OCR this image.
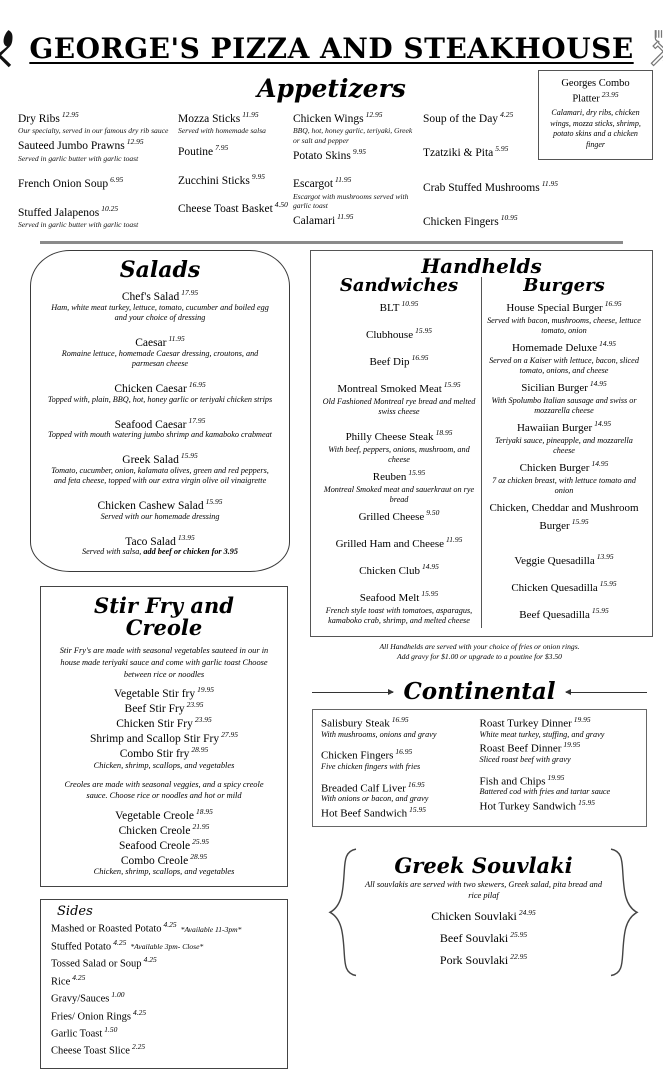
GEORGE'S PIZZA AND STEAKHOUSE
Appetizers	Georges Combo
Platter $^{23.95}$
Calamari, dry ribs, chicken wings, mozza sticks, shrimp, potato skins and a chicken finger
Dry Ribs $^{12.95}$
Our specialty, served in our famous dry rib sauce
Sauteed Jumbo Prawns $^{12.95}$
Served in garlic butter with garlic toast
French Onion Soup $^{6.95}$
Stuffed Jalapenos $^{10.25}$
Served in garlic butter with garlic toast
Mozza Sticks $^{11.95}$
Served with homemade salsa
Poutine $^{7.95}$
Zucchini Sticks $^{9.95}$
Cheese Toast Basket $^{4.50}$
Chicken Wings $^{12.95}$
BBQ, hot, honey garlic, teriyaki, Greek or salt and pepper
Potato Skins $^{9.95}$
Escargot $^{11.95}$
Escargot with mushrooms served with garlic toast
Calamari $^{11.95}$
Soup of the Day $^{4.25}$
Tzatziki & Pita $^{5.95}$
Crab Stuffed Mushrooms $^{11.95}$
Chicken Fingers $^{10.95}$
Salads
Chef's Salad $^{17.95}$
Ham, white meat turkey, lettuce, tomato, cucumber and boiled egg and your choice of dressing
Caesar $^{11.95}$
Romaine lettuce, homemade Caesar dressing, croutons, and parmesan cheese
Chicken Caesar $^{16.95}$
Topped with, plain, BBQ, hot, honey garlic or teriyaki chicken strips
Seafood Caesar $^{17.95}$
Topped with mouth watering jumbo shrimp and kamaboko crabmeat
Greek Salad $^{15.95}$
Tomato, cucumber, onion, kalamata olives, green and red peppers, and feta cheese, topped with our extra virgin olive oil vinaigrette
Chicken Cashew Salad $^{15.95}$
Served with our homemade dressing
Taco Salad $^{13.95}$
Served with salsa, add beef or chicken for 3.95
Stir Fry and Creole
Stir Fry's are made with seasonal vegetables sauteed in our in house made teriyaki sauce and come with garlic toast Choose between rice or noodles
Vegetable Stir fry $^{19.95}$
Beef Stir Fry $^{23.95}$
Chicken Stir Fry $^{23.95}$
Shrimp and Scallop Stir Fry $^{27.95}$
Combo Stir fry $^{28.95}$
Chicken, shrimp, scallops, and vegetables
Creoles are made with seasonal veggies, and a spicy creole sauce. Choose rice or noodles and hot or mild
Vegetable Creole $^{18.95}$
Chicken Creole $^{21.95}$
Seafood Creole $^{25.95}$
Combo Creole $^{28.95}$
Chicken, shrimp, scallops, and vegetables
Sides
Mashed or Roasted Potato $^{4.25}$ *Available 11-3pm*
Stuffed Potato $^{4.25}$ *Available 3pm- Close*
Tossed Salad or Soup $^{4.25}$
Rice $^{4.25}$
Gravy/Sauces $^{1.00}$
Fries/ Onion Rings $^{4.25}$
Garlic Toast $^{1.50}$
Cheese Toast Slice $^{2.25}$
Handhelds
Sandwiches
BLT $^{10.95}$
Clubhouse $^{15.95}$
Beef Dip $^{16.95}$
Montreal Smoked Meat $^{15.95}$
Old Fashioned Montreal rye bread and melted swiss cheese
Philly Cheese Steak $^{18.95}$
With beef, peppers, onions, mushroom, and cheese
Reuben $^{15.95}$
Montreal Smoked meat and sauerkraut on rye bread
Grilled Cheese $^{9.50}$
Grilled Ham and Cheese $^{11.95}$
Chicken Club $^{14.95}$
Seafood Melt $^{15.95}$
French style toast with tomatoes, asparagus, kamaboko crab, shrimp, and melted cheese
Burgers
House Special Burger $^{16.95}$
Served with bacon, mushrooms, cheese, lettuce tomato, onion
Homemade Deluxe $^{14.95}$
Served on a Kaiser with lettuce, bacon, sliced tomato, onions, and cheese
Sicilian Burger $^{14.95}$
With Spolumbo Italian sausage and swiss or mozzarella cheese
Hawaiian Burger $^{14.95}$
Teriyaki sauce, pineapple, and mozzarella cheese
Chicken Burger $^{14.95}$
7 oz chicken breast, with lettuce tomato and onion
Chicken, Cheddar and Mushroom Burger $^{15.95}$
Veggie Quesadilla $^{13.95}$
Chicken Quesadilla $^{15.95}$
Beef Quesadilla $^{15.95}$
All Handhelds are served with your choice of fries or onion rings.
Add gravy for $1.00 or upgrade to a poutine for $3.50
Continental
Salisbury Steak $^{16.95}$
With mushrooms, onions and gravy
Chicken Fingers $^{16.95}$
Five chicken fingers with fries
Breaded Calf Liver $^{16.95}$
With onions or bacon, and gravy
Hot Beef Sandwich $^{15.95}$
Roast Turkey Dinner $^{19.95}$
White meat turkey, stuffing, and gravy
Roast Beef Dinner $^{19.95}$
Sliced roast beef with gravy
Fish and Chips $^{19.95}$
Battered cod with fries and tartar sauce
Hot Turkey Sandwich $^{15.95}$
Greek Souvlaki
All souvlakis are served with two skewers, Greek salad, pita bread and rice pilaf
Chicken Souvlaki $^{24.95}$
Beef Souvlaki $^{25.95}$
Pork Souvlaki $^{22.95}$
